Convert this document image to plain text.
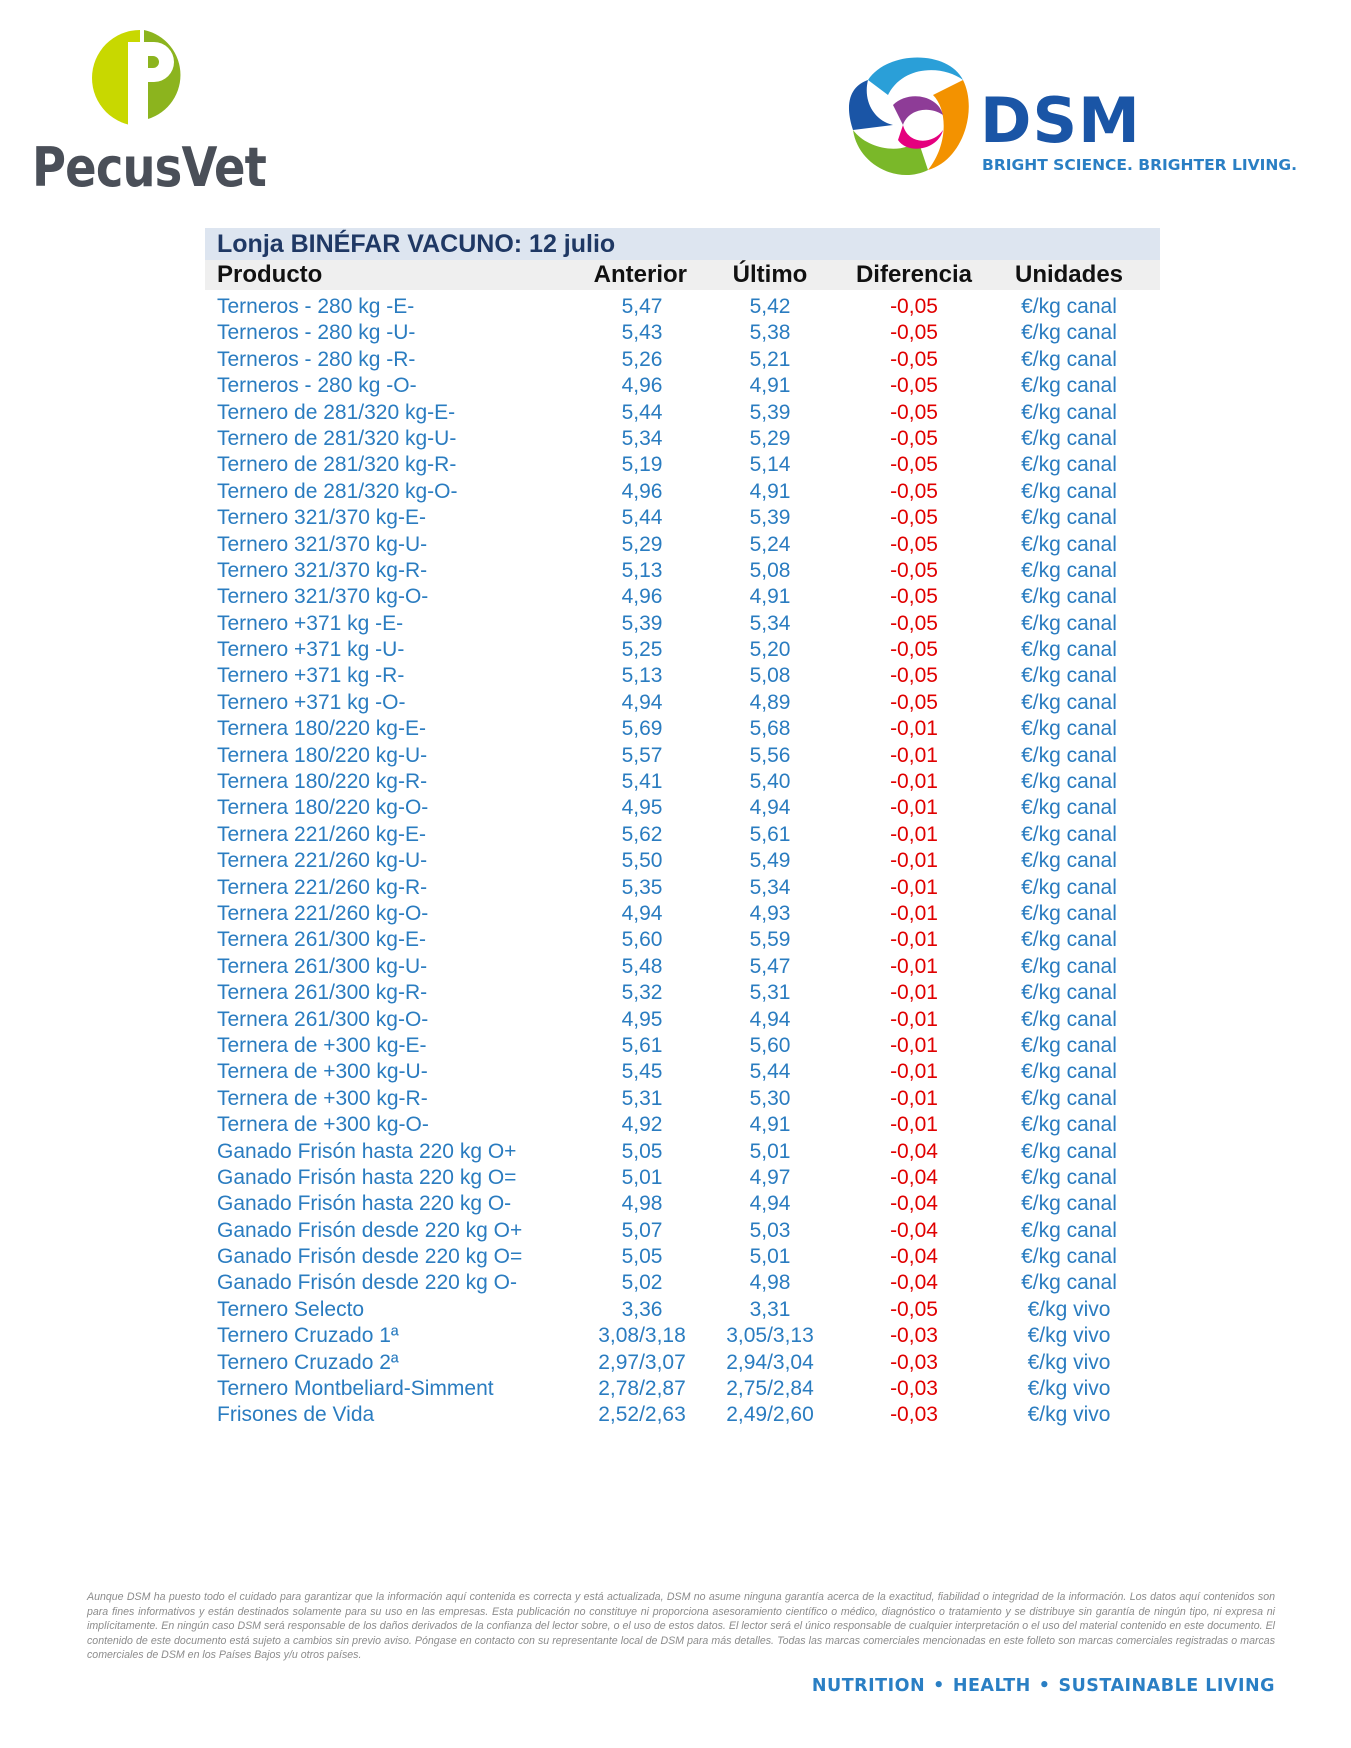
PecusVet
DSM
BRIGHT SCIENCE. BRIGHTER LIVING.
Lonja BINÉFAR VACUNO: 12 julio
Producto	Anterior	Último	Diferencia	Unidades
Terneros - 280 kg -E-	5,47	5,42	-0,05	€/kg canal
Terneros - 280 kg -U-	5,43	5,38	-0,05	€/kg canal
Terneros - 280 kg -R-	5,26	5,21	-0,05	€/kg canal
Terneros - 280 kg -O-	4,96	4,91	-0,05	€/kg canal
Ternero de 281/320 kg-E-	5,44	5,39	-0,05	€/kg canal
Ternero de 281/320 kg-U-	5,34	5,29	-0,05	€/kg canal
Ternero de 281/320 kg-R-	5,19	5,14	-0,05	€/kg canal
Ternero de 281/320 kg-O-	4,96	4,91	-0,05	€/kg canal
Ternero 321/370 kg-E-	5,44	5,39	-0,05	€/kg canal
Ternero 321/370 kg-U-	5,29	5,24	-0,05	€/kg canal
Ternero 321/370 kg-R-	5,13	5,08	-0,05	€/kg canal
Ternero 321/370 kg-O-	4,96	4,91	-0,05	€/kg canal
Ternero +371 kg -E-	5,39	5,34	-0,05	€/kg canal
Ternero +371 kg -U-	5,25	5,20	-0,05	€/kg canal
Ternero +371 kg -R-	5,13	5,08	-0,05	€/kg canal
Ternero +371 kg -O-	4,94	4,89	-0,05	€/kg canal
Ternera 180/220 kg-E-	5,69	5,68	-0,01	€/kg canal
Ternera 180/220 kg-U-	5,57	5,56	-0,01	€/kg canal
Ternera 180/220 kg-R-	5,41	5,40	-0,01	€/kg canal
Ternera 180/220 kg-O-	4,95	4,94	-0,01	€/kg canal
Ternera 221/260 kg-E-	5,62	5,61	-0,01	€/kg canal
Ternera 221/260 kg-U-	5,50	5,49	-0,01	€/kg canal
Ternera 221/260 kg-R-	5,35	5,34	-0,01	€/kg canal
Ternera 221/260 kg-O-	4,94	4,93	-0,01	€/kg canal
Ternera 261/300 kg-E-	5,60	5,59	-0,01	€/kg canal
Ternera 261/300 kg-U-	5,48	5,47	-0,01	€/kg canal
Ternera 261/300 kg-R-	5,32	5,31	-0,01	€/kg canal
Ternera 261/300 kg-O-	4,95	4,94	-0,01	€/kg canal
Ternera de +300 kg-E-	5,61	5,60	-0,01	€/kg canal
Ternera de +300 kg-U-	5,45	5,44	-0,01	€/kg canal
Ternera de +300 kg-R-	5,31	5,30	-0,01	€/kg canal
Ternera de +300 kg-O-	4,92	4,91	-0,01	€/kg canal
Ganado Frisón hasta 220 kg O+	5,05	5,01	-0,04	€/kg canal
Ganado Frisón hasta 220 kg O=	5,01	4,97	-0,04	€/kg canal
Ganado Frisón hasta 220 kg O-	4,98	4,94	-0,04	€/kg canal
Ganado Frisón desde 220 kg O+	5,07	5,03	-0,04	€/kg canal
Ganado Frisón desde 220 kg O=	5,05	5,01	-0,04	€/kg canal
Ganado Frisón desde 220 kg O-	5,02	4,98	-0,04	€/kg canal
Ternero Selecto	3,36	3,31	-0,05	€/kg vivo
Ternero Cruzado 1ª	3,08/3,18	3,05/3,13	-0,03	€/kg vivo
Ternero Cruzado 2ª	2,97/3,07	2,94/3,04	-0,03	€/kg vivo
Ternero Montbeliard-Simment	2,78/2,87	2,75/2,84	-0,03	€/kg vivo
Frisones de Vida	2,52/2,63	2,49/2,60	-0,03	€/kg vivo
Aunque DSM ha puesto todo el cuidado para garantizar que la información aquí contenida es correcta y está actualizada, DSM no asume ninguna garantía acerca de la exactitud, fiabilidad o integridad de la información. Los datos aquí contenidos son para fines informativos y están destinados solamente para su uso en las empresas. Esta publicación no constituye ni proporciona asesoramiento científico o médico, diagnóstico o tratamiento y se distribuye sin garantía de ningún tipo, ni expresa ni implícitamente. En ningún caso DSM será responsable de los daños derivados de la confianza del lector sobre, o el uso de estos datos. El lector será el único responsable de cualquier interpretación o el uso del material contenido en este documento. El contenido de este documento está sujeto a cambios sin previo aviso. Póngase en contacto con su representante local de DSM para más detalles. Todas las marcas comerciales mencionadas en este folleto son marcas comerciales registradas o marcas comerciales de DSM en los Países Bajos y/u otros países.
NUTRITION • HEALTH • SUSTAINABLE LIVING
